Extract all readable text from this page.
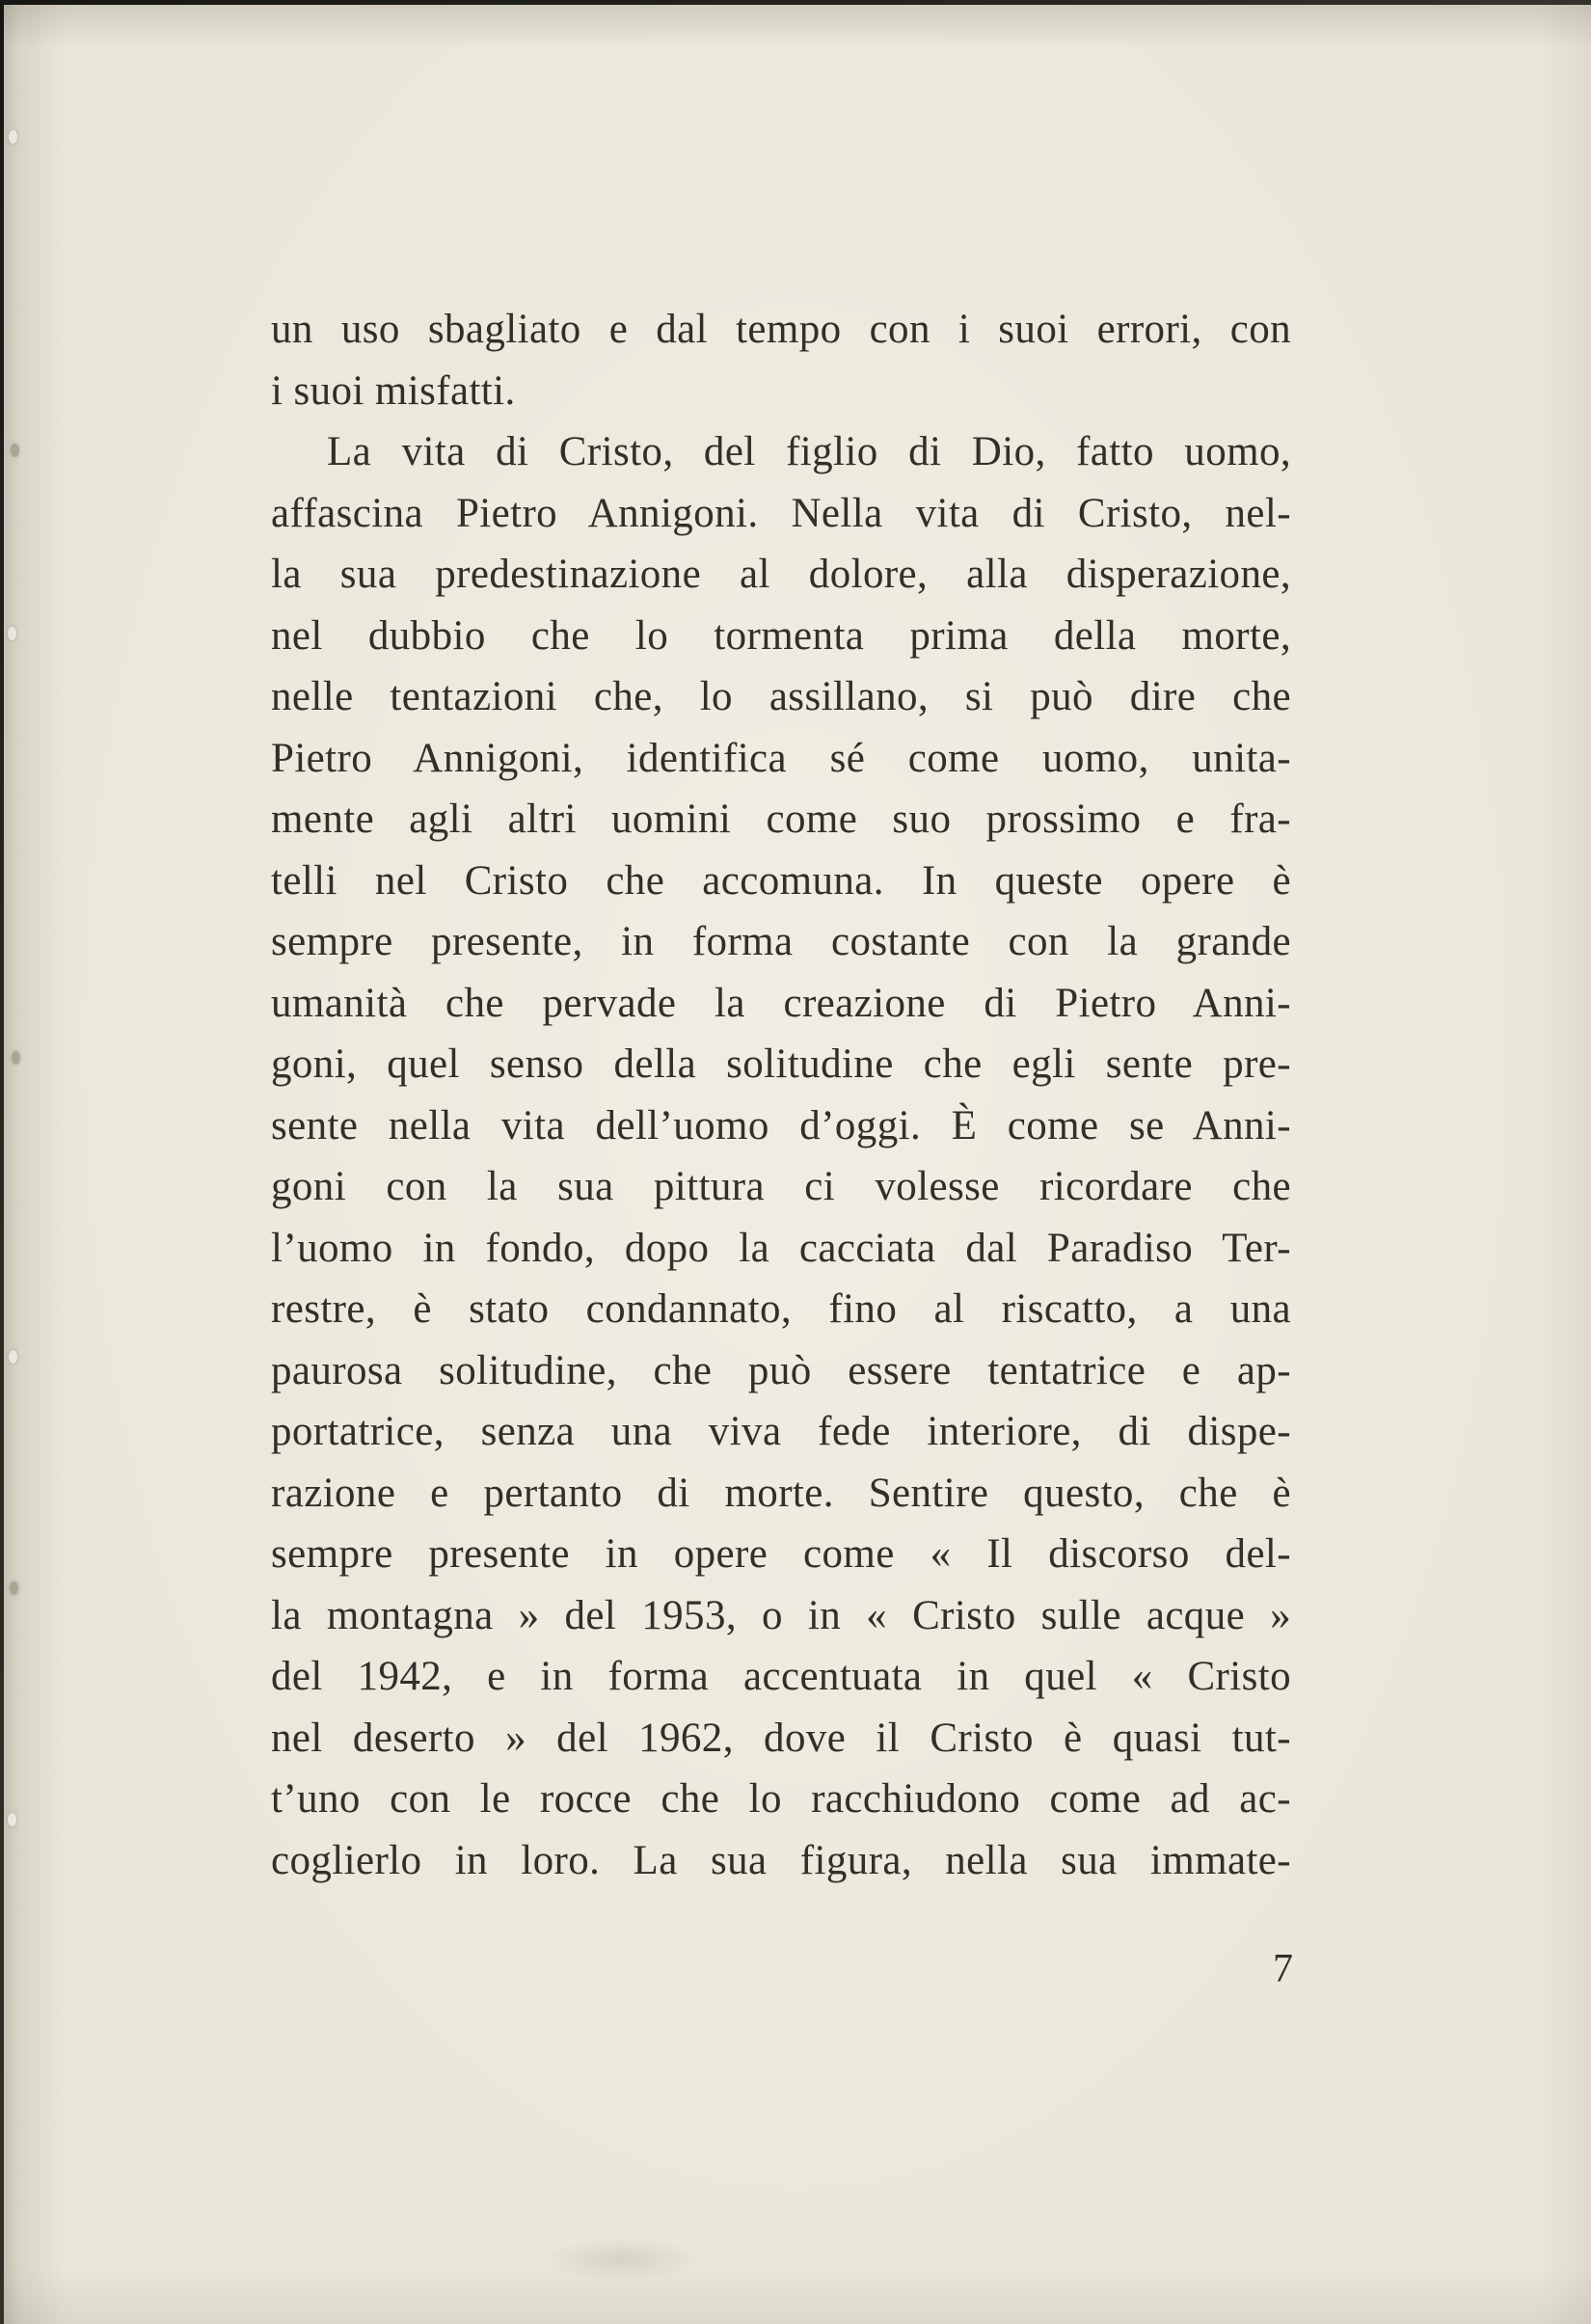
un uso sbagliato e dal tempo con i suoi errori, con
i suoi misfatti.
La vita di Cristo, del figlio di Dio, fatto uomo,
affascina Pietro Annigoni. Nella vita di Cristo, nel-
la sua predestinazione al dolore, alla disperazione,
nel dubbio che lo tormenta prima della morte,
nelle tentazioni che, lo assillano, si può dire che
Pietro Annigoni, identifica sé come uomo, unita-
mente agli altri uomini come suo prossimo e fra-
telli nel Cristo che accomuna. In queste opere è
sempre presente, in forma costante con la grande
umanità che pervade la creazione di Pietro Anni-
goni, quel senso della solitudine che egli sente pre-
sente nella vita dell’uomo d’oggi. È come se Anni-
goni con la sua pittura ci volesse ricordare che
l’uomo in fondo, dopo la cacciata dal Paradiso Ter-
restre, è stato condannato, fino al riscatto, a una
paurosa solitudine, che può essere tentatrice e ap-
portatrice, senza una viva fede interiore, di dispe-
razione e pertanto di morte. Sentire questo, che è
sempre presente in opere come « Il discorso del-
la montagna » del 1953, o in « Cristo sulle acque »
del 1942, e in forma accentuata in quel « Cristo
nel deserto » del 1962, dove il Cristo è quasi tut-
t’uno con le rocce che lo racchiudono come ad ac-
coglierlo in loro. La sua figura, nella sua immate-
7
